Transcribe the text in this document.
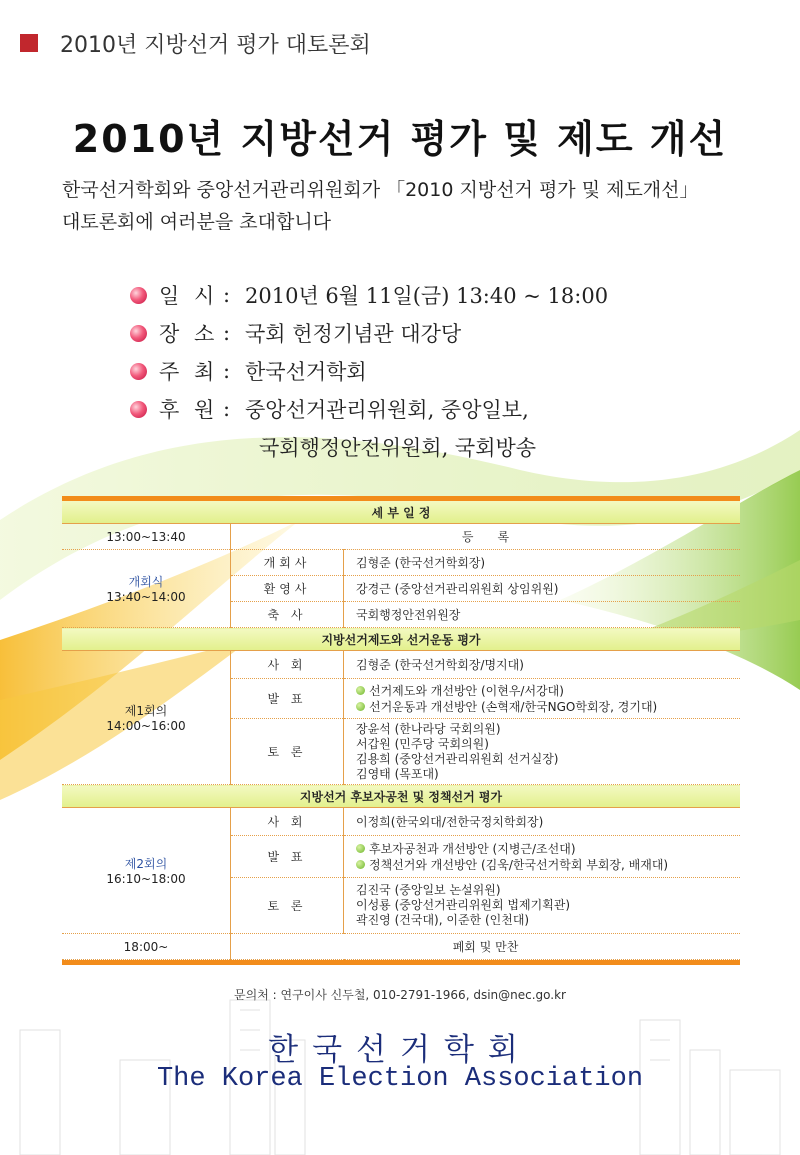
2010년 지방선거 평가 대토론회
2010년 지방선거 평가 및 제도 개선
한국선거학회와 중앙선거관리위원회가 「2010 지방선거 평가 및 제도개선」
대토론회에 여러분을 초대합니다
일 시 : 2010년 6월 11일(금) 13:40 ~ 18:00
장 소 : 국회 헌정기념관 대강당
주 최 : 한국선거학회
후 원 : 중앙선거관리위원회, 중앙일보,
국회행정안전위원회, 국회방송
세 부 일 정		
13:00~13:40	등　　록	

개회식
13:40~14:00	개회사	김형준 (한국선거학회장)
	환영사	강경근 (중앙선거관리위원회 상임위원)
	축 사	국회행정안전위원장
지방선거제도와 선거운동 평가		

제1회의
14:00~16:00	사 회	김형준 (한국선거학회장/명지대)
	발 표	선거제도와 개선방안 (이현우/서강대)
선거운동과 개선방안 (손혁재/한국NGO학회장, 경기대)

	토 론	장윤석 (한나라당 국회의원)
서갑원 (민주당 국회의원)
김용희 (중앙선거관리위원회 선거실장)
김영태 (목포대)

지방선거 후보자공천 및 정책선거 평가		

제2회의
16:10~18:00	사 회	이정희(한국외대/전한국정치학회장)
	발 표	후보자공천과 개선방안 (지병근/조선대)
정책선거와 개선방안 (김욱/한국선거학회 부회장, 배재대)

	토 론	김진국 (중앙일보 논설위원)
이성룡 (중앙선거관리위원회 법제기획관)
곽진영 (건국대), 이준한 (인천대)

18:00~	폐회 및 만찬	
문의처 : 연구이사 신두철, 010-2791-1966, dsin@nec.go.kr
한국선거학회
The Korea Election Association
